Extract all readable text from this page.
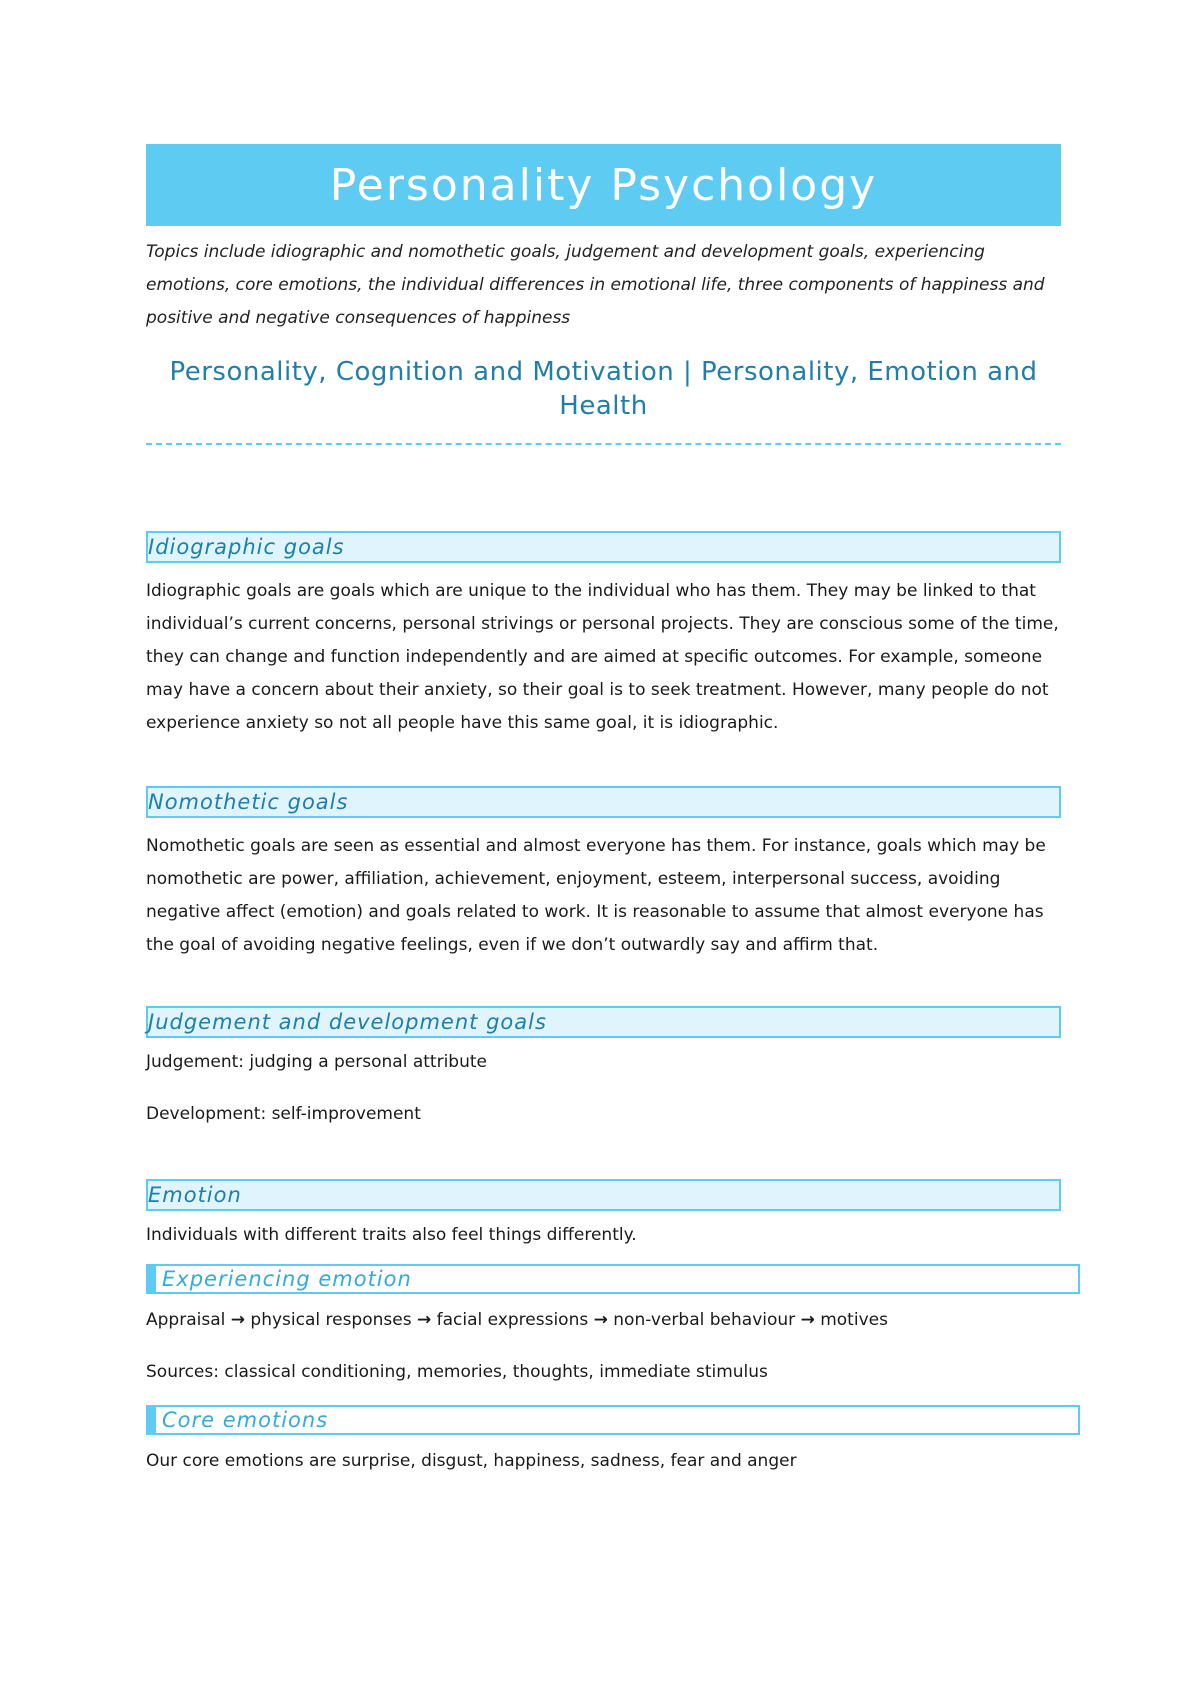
Personality Psychology
Topics include idiographic and nomothetic goals, judgement and development goals, experiencing emotions, core emotions, the individual differences in emotional life, three components of happiness and positive and negative consequences of happiness
Personality, Cognition and Motivation | Personality, Emotion and Health
Idiographic goals

Idiographic goals are goals which are unique to the individual who has them. They may be linked to that individual’s current concerns, personal strivings or personal projects. They are conscious some of the time, they can change and function independently and are aimed at specific outcomes. For example, someone may have a concern about their anxiety, so their goal is to seek treatment. However, many people do not experience anxiety so not all people have this same goal, it is idiographic.

Nomothetic goals

Nomothetic goals are seen as essential and almost everyone has them. For instance, goals which may be nomothetic are power, affiliation, achievement, enjoyment, esteem, interpersonal success, avoiding negative affect (emotion) and goals related to work. It is reasonable to assume that almost everyone has the goal of avoiding negative feelings, even if we don’t outwardly say and affirm that.

Judgement and development goals

Judgement: judging a personal attribute

Development: self-improvement

Emotion

Individuals with different traits also feel things differently.

Experiencing emotion

Appraisal → physical responses → facial expressions → non-verbal behaviour → motives

Sources: classical conditioning, memories, thoughts, immediate stimulus

Core emotions

Our core emotions are surprise, disgust, happiness, sadness, fear and anger
